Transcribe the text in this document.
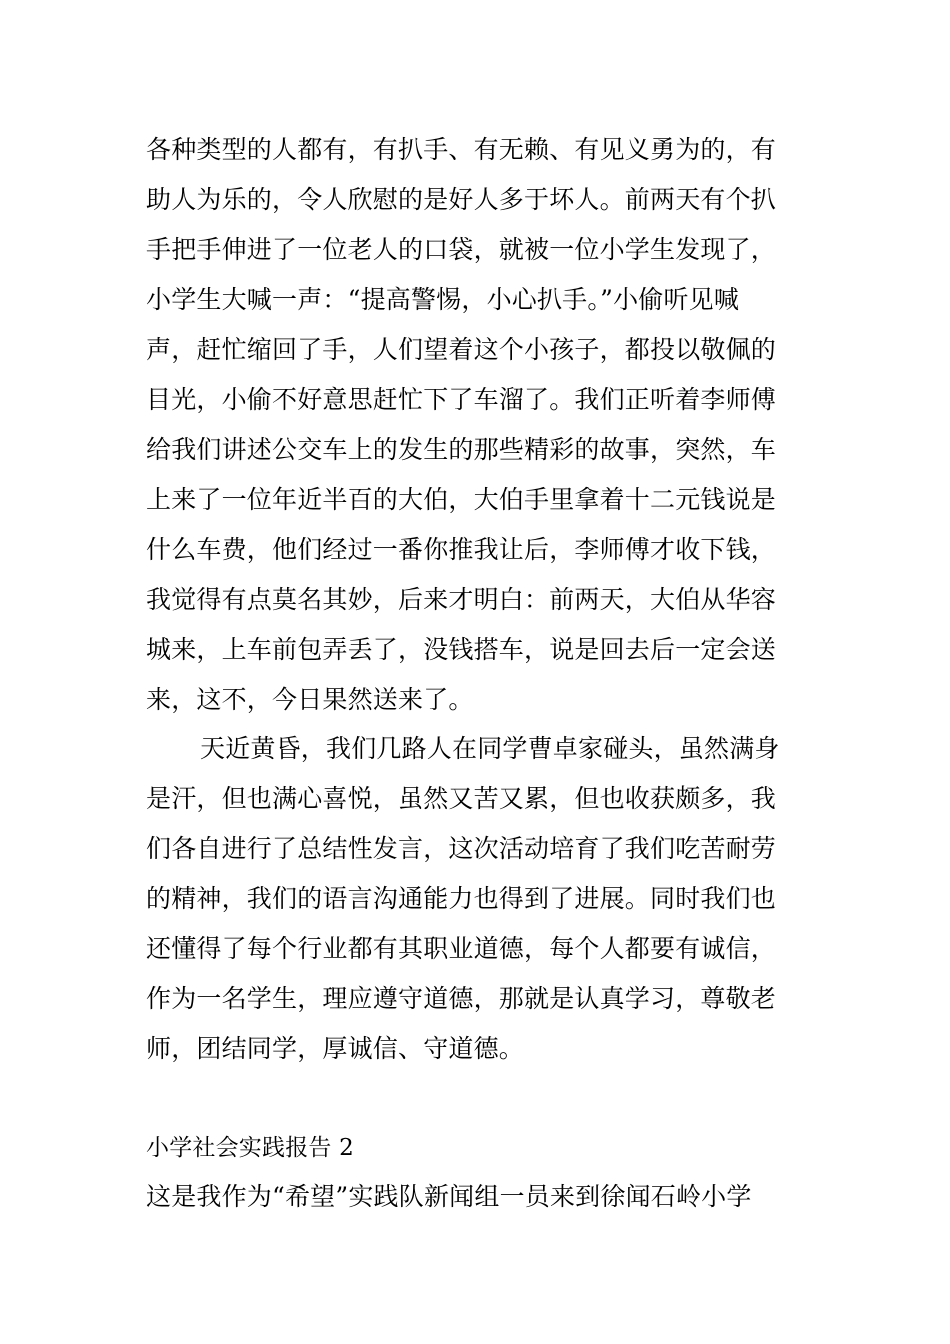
各种类型的人都有，有扒手、有无赖、有见义勇为的，有
助人为乐的，令人欣慰的是好人多于坏人。前两天有个扒
手把手伸进了一位老人的口袋，就被一位小学生发现了，
小学生大喊一声：“提高警惕，小心扒手。”小偷听见喊
声，赶忙缩回了手，人们望着这个小孩子，都投以敬佩的
目光，小偷不好意思赶忙下了车溜了。我们正听着李师傅
给我们讲述公交车上的发生的那些精彩的故事，突然，车
上来了一位年近半百的大伯，大伯手里拿着十二元钱说是
什么车费，他们经过一番你推我让后，李师傅才收下钱，
我觉得有点莫名其妙，后来才明白：前两天，大伯从华容
城来，上车前包弄丢了，没钱搭车，说是回去后一定会送
来，这不，今日果然送来了。
天近黄昏，我们几路人在同学曹卓家碰头，虽然满身
是汗，但也满心喜悦，虽然又苦又累，但也收获颇多，我
们各自进行了总结性发言，这次活动培育了我们吃苦耐劳
的精神，我们的语言沟通能力也得到了进展。同时我们也
还懂得了每个行业都有其职业道德，每个人都要有诚信，
作为一名学生，理应遵守道德，那就是认真学习，尊敬老
师，团结同学，厚诚信、守道德。
小学社会实践报告 2
这是我作为“希望”实践队新闻组一员来到徐闻石岭小学
